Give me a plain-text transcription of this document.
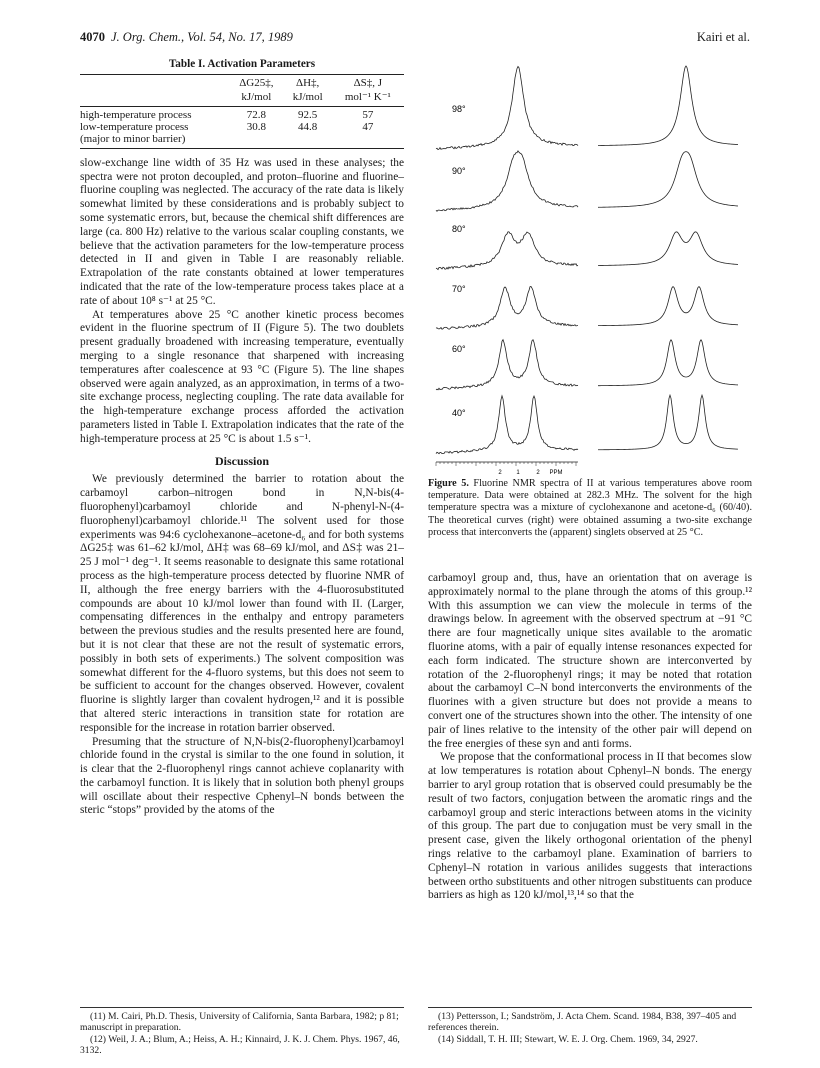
4070 J. Org. Chem., Vol. 54, No. 17, 1989	Kairi et al.
Table I. Activation Parameters
	ΔG25‡,	ΔH‡,	ΔS‡, J
	kJ/mol	kJ/mol	mol⁻¹ K⁻¹
high-temperature process	72.8	92.5	57
low-temperature process	30.8	44.8	47
(major to minor barrier)			

slow-exchange line width of 35 Hz was used in these analyses; the spectra were not proton decoupled, and proton–fluorine and fluorine–fluorine coupling was neglected. The accuracy of the rate data is likely somewhat limited by these considerations and is probably subject to some systematic errors, but, because the chemical shift differences are large (ca. 800 Hz) relative to the various scalar coupling constants, we believe that the activation parameters for the low-temperature process detected in II and given in Table I are reasonably reliable. Extrapolation of the rate constants obtained at lower temperatures indicated that the rate of the low-temperature process takes place at a rate of about 10⁸ s⁻¹ at 25 °C.

At temperatures above 25 °C another kinetic process becomes evident in the fluorine spectrum of II (Figure 5). The two doublets present gradually broadened with increasing temperature, eventually merging to a single resonance that sharpened with increasing temperatures after coalescence at 93 °C (Figure 5). The line shapes observed were again analyzed, as an approximation, in terms of a two-site exchange process, neglecting coupling. The rate data available for the high-temperature exchange process afforded the activation parameters listed in Table I. Extrapolation indicates that the rate of the high-temperature process at 25 °C is about 1.5 s⁻¹.

Discussion

We previously determined the barrier to rotation about the carbamoyl carbon–nitrogen bond in N,N-bis(4-fluorophenyl)carbamoyl chloride and N-phenyl-N-(4-fluorophenyl)carbamoyl chloride.¹¹ The solvent used for those experiments was 94:6 cyclohexanone–acetone-d₆ and for both systems ΔG25‡ was 61–62 kJ/mol, ΔH‡ was 68–69 kJ/mol, and ΔS‡ was 21–25 J mol⁻¹ deg⁻¹. It seems reasonable to designate this same rotational process as the high-temperature process detected by fluorine NMR of II, although the free energy barriers with the 4-fluorosubstituted compounds are about 10 kJ/mol lower than found with II. (Larger, compensating differences in the enthalpy and entropy parameters between the previous studies and the results presented here are found, but it is not clear that these are not the result of systematic errors, possibly in both sets of experiments.) The solvent composition was somewhat different for the 4-fluoro systems, but this does not seem to be sufficient to account for the changes observed. However, covalent fluorine is slightly larger than covalent hydrogen,¹² and it is possible that altered steric interactions in transition state for rotation are responsible for the increase in rotation barrier observed.

Presuming that the structure of N,N-bis(2-fluorophenyl)carbamoyl chloride found in the crystal is similar to the one found in solution, it is clear that the 2-fluorophenyl rings cannot achieve coplanarity with the carbamoyl function. It is likely that in solution both phenyl groups will oscillate about their respective Cphenyl–N bonds between the steric “stops” provided by the atoms of the

98°
90°
80°
70°
60°
40°
2 1	2 PPM
Figure 5. Fluorine NMR spectra of II at various temperatures above room temperature. Data were obtained at 282.3 MHz. The solvent for the high temperature spectra was a mixture of cyclohexanone and acetone-d₆ (60/40). The theoretical curves (right) were obtained assuming a two-site exchange process that interconverts the (apparent) singlets observed at 25 °C.

carbamoyl group and, thus, have an orientation that on average is approximately normal to the plane through the atoms of this group.¹² With this assumption we can view the molecule in terms of the drawings below. In agreement with the observed spectrum at −91 °C there are four magnetically unique sites available to the aromatic fluorine atoms, with a pair of equally intense resonances expected for each form indicated. The structure shown are interconverted by rotation of the 2-fluorophenyl rings; it may be noted that rotation about the carbamoyl C–N bond interconverts the environments of the fluorines with a given structure but does not provide a means to convert one of the structures shown into the other. The intensity of one pair of lines relative to the intensity of the other pair will depend on the free energies of these syn and anti forms.

We propose that the conformational process in II that becomes slow at low temperatures is rotation about Cphenyl–N bonds. The energy barrier to aryl group rotation that is observed could presumably be the result of two factors, conjugation between the aromatic rings and the carbamoyl group and steric interactions between atoms in the vicinity of this group. The part due to conjugation must be very small in the present case, given the likely orthogonal orientation of the phenyl rings relative to the carbamoyl plane. Examination of barriers to Cphenyl–N rotation in various anilides suggests that interactions between ortho substituents and other nitrogen substituents can produce barriers as high as 120 kJ/mol,¹³,¹⁴ so that the

(11) M. Cairi, Ph.D. Thesis, University of California, Santa Barbara, 1982; p 81; manuscript in preparation.
(12) Weil, J. A.; Blum, A.; Heiss, A. H.; Kinnaird, J. K. J. Chem. Phys. 1967, 46, 3132.
(13) Pettersson, I.; Sandström, J. Acta Chem. Scand. 1984, B38, 397–405 and references therein.
(14) Siddall, T. H. III; Stewart, W. E. J. Org. Chem. 1969, 34, 2927.
